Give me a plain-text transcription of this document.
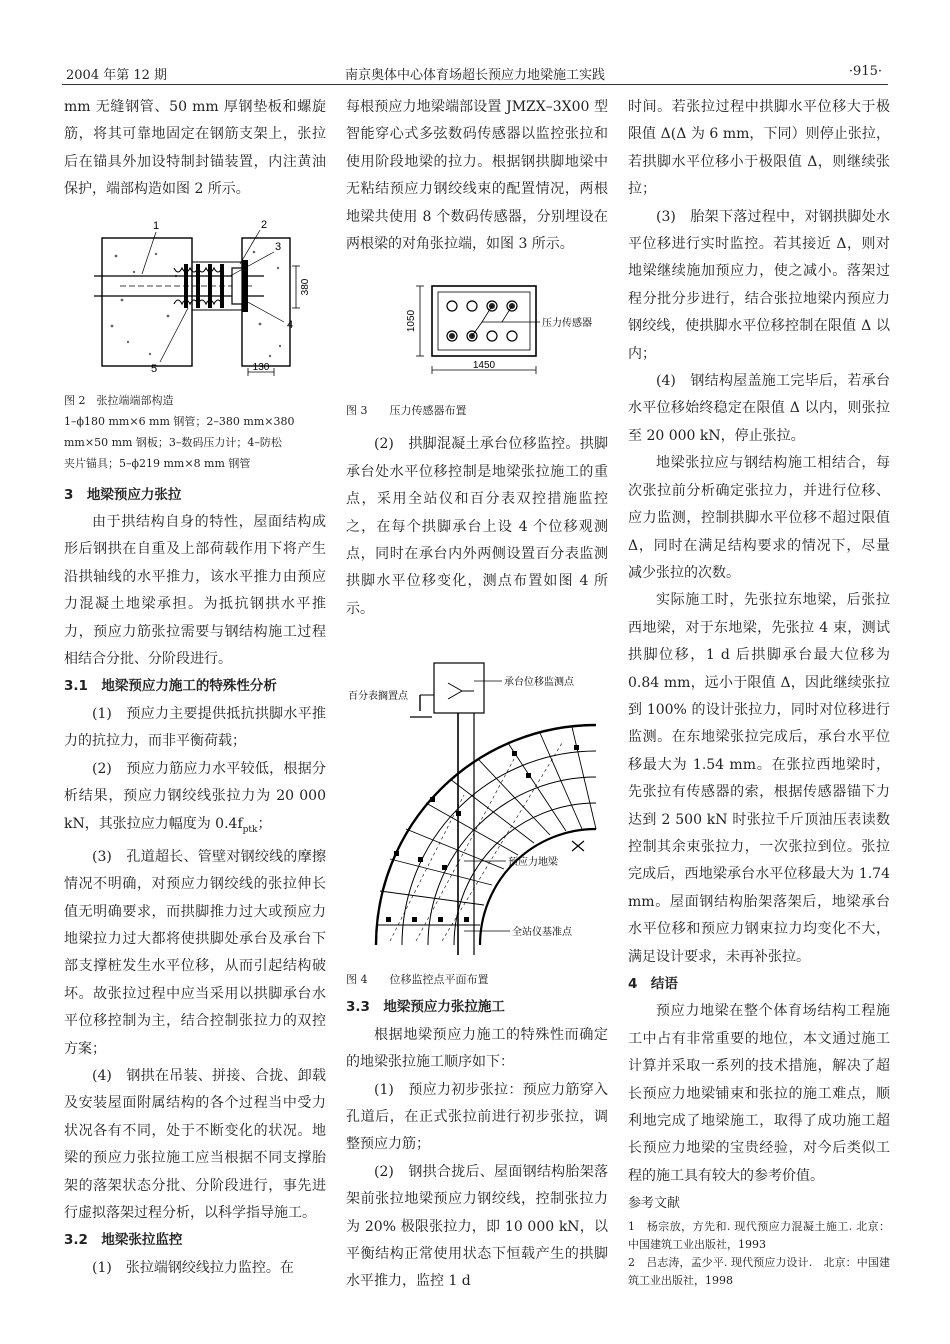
2004 年第 12 期	南京奥体中心体育场超长预应力地梁施工实践	·915·

mm 无缝钢管、50 mm 厚钢垫板和螺旋筋，将其可靠地固定在钢筋支架上，张拉后在锚具外加设特制封锚装置，内注黄油保护，端部构造如图 2 所示。

380
130
1	2
3
4
5

图 2　张拉端端部构造

1–ϕ180 mm×6 mm 钢管；2–380 mm×380

mm×50 mm 钢板；3–数码压力计；4–防松

夹片锚具；5–ϕ219 mm×8 mm 钢管

3　地梁预应力张拉

由于拱结构自身的特性，屋面结构成形后钢拱在自重及上部荷载作用下将产生沿拱轴线的水平推力，该水平推力由预应力混凝土地梁承担。为抵抗钢拱水平推力，预应力筋张拉需要与钢结构施工过程相结合分批、分阶段进行。

3.1　地梁预应力施工的特殊性分析

(1)　预应力主要提供抵抗拱脚水平推力的抗拉力，而非平衡荷载；

(2)　预应力筋应力水平较低，根据分析结果，预应力钢绞线张拉力为 20 000 kN，其张拉应力幅度为 $0.4f_{ptk}$；

(3)　孔道超长、管壁对钢绞线的摩擦情况不明确，对预应力钢绞线的张拉伸长值无明确要求，而拱脚推力过大或预应力地梁拉力过大都将使拱脚处承台及承台下部支撑桩发生水平位移，从而引起结构破坏。故张拉过程中应当采用以拱脚承台水平位移控制为主，结合控制张拉力的双控方案；

(4)　钢拱在吊装、拼接、合拢、卸载及安装屋面附属结构的各个过程当中受力状况各有不同，处于不断变化的状况。地梁的预应力张拉施工应当根据不同支撑胎架的落架状态分批、分阶段进行，事先进行虚拟落架过程分析，以科学指导施工。

3.2　地梁张拉监控

(1)　张拉端钢绞线拉力监控。在

每根预应力地梁端部设置 JMZX–3X00 型智能穿心式多弦数码传感器以监控张拉和使用阶段地梁的拉力。根据钢拱脚地梁中无粘结预应力钢绞线束的配置情况，两根地梁共使用 8 个数码传感器，分别埋设在两根梁的对角张拉端，如图 3 所示。

压力传感器
1050
1450

图 3　　压力传感器布置

(2)　拱脚混凝土承台位移监控。拱脚承台处水平位移控制是地梁张拉施工的重点，采用全站仪和百分表双控措施监控之，在每个拱脚承台上设 4 个位移观测点，同时在承台内外两侧设置百分表监测拱脚水平位移变化，测点布置如图 4 所示。

百分表搁置点
承台位移监测点
预应力地梁
全站仪基准点

图 4　　位移监控点平面布置

3.3　地梁预应力张拉施工

根据地梁预应力施工的特殊性而确定的地梁张拉施工顺序如下：

(1)　预应力初步张拉：预应力筋穿入孔道后，在正式张拉前进行初步张拉，调整预应力筋；

(2)　钢拱合拢后、屋面钢结构胎架落架前张拉地梁预应力钢绞线，控制张拉力为 20% 极限张拉力，即 10 000 kN，以平衡结构正常使用状态下恒载产生的拱脚水平推力，监控 1 d

时间。若张拉过程中拱脚水平位移大于极限值 Δ(Δ 为 6 mm，下同）则停止张拉，若拱脚水平位移小于极限值 Δ，则继续张拉；

(3)　胎架下落过程中，对钢拱脚处水平位移进行实时监控。若其接近 Δ，则对地梁继续施加预应力，使之减小。落架过程分批分步进行，结合张拉地梁内预应力钢绞线，使拱脚水平位移控制在限值 Δ 以内；

(4)　钢结构屋盖施工完毕后，若承台水平位移始终稳定在限值 Δ 以内，则张拉至 20 000 kN，停止张拉。

地梁张拉应与钢结构施工相结合，每次张拉前分析确定张拉力，并进行位移、应力监测，控制拱脚水平位移不超过限值 Δ，同时在满足结构要求的情况下，尽量减少张拉的次数。

实际施工时，先张拉东地梁，后张拉西地梁，对于东地梁，先张拉 4 束，测试拱脚位移，1 d 后拱脚承台最大位移为 0.84 mm，远小于限值 Δ，因此继续张拉到 100% 的设计张拉力，同时对位移进行监测。在东地梁张拉完成后，承台水平位移最大为 1.54 mm。在张拉西地梁时，先张拉有传感器的索，根据传感器锚下力达到 2 500 kN 时张拉千斤顶油压表读数控制其余束张拉力，一次张拉到位。张拉完成后，西地梁承台水平位移最大为 1.74 mm。屋面钢结构胎架落架后，地梁承台水平位移和预应力钢束拉力均变化不大，满足设计要求，未再补张拉。

4　结语

预应力地梁在整个体育场结构工程施工中占有非常重要的地位，本文通过施工计算并采取一系列的技术措施，解决了超长预应力地梁铺束和张拉的施工难点，顺利地完成了地梁施工，取得了成功施工超长预应力地梁的宝贵经验，对今后类似工程的施工具有较大的参考价值。

参考文献

1　杨宗放，方先和. 现代预应力混凝土施工. 北京：中国建筑工业出版社，1993

2　吕志涛，孟少平. 现代预应力设计.　北京：中国建筑工业出版社，1998
